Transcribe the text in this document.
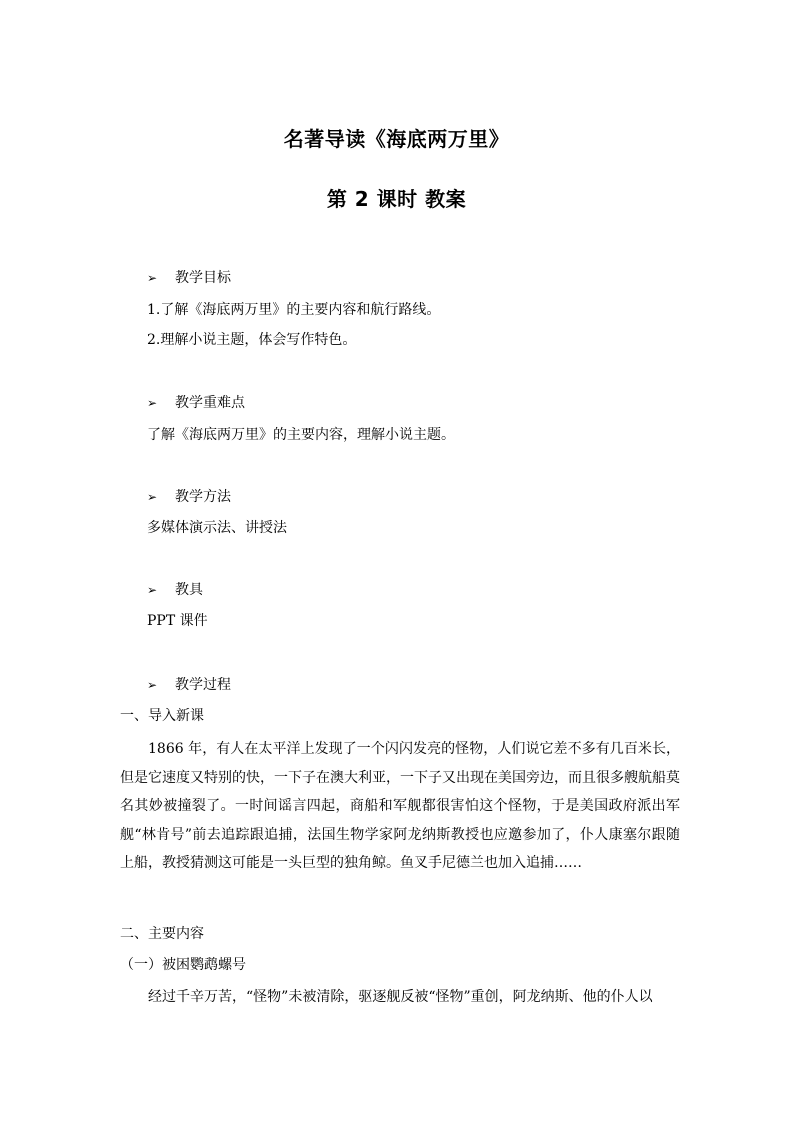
名著导读《海底两万里》
第 2 课时 教案
➢ 教学目标
1.了解《海底两万里》的主要内容和航行路线。
2.理解小说主题，体会写作特色。
➢ 教学重难点
了解《海底两万里》的主要内容，理解小说主题。
➢ 教学方法
多媒体演示法、讲授法
➢ 教具
PPT 课件
➢ 教学过程
一、导入新课
1866 年，有人在太平洋上发现了一个闪闪发亮的怪物，人们说它差不多有几百米长，但是它速度又特别的快，一下子在澳大利亚，一下子又出现在美国旁边，而且很多艘航船莫名其妙被撞裂了。一时间谣言四起，商船和军舰都很害怕这个怪物，于是美国政府派出军舰“林肯号”前去追踪跟追捕，法国生物学家阿龙纳斯教授也应邀参加了，仆人康塞尔跟随上船，教授猜测这可能是一头巨型的独角鲸。鱼叉手尼德兰也加入追捕……
二、主要内容
（一）被困鹦鹉螺号
经过千辛万苦，“怪物”未被清除，驱逐舰反被“怪物”重创，阿龙纳斯、他的仆人以
